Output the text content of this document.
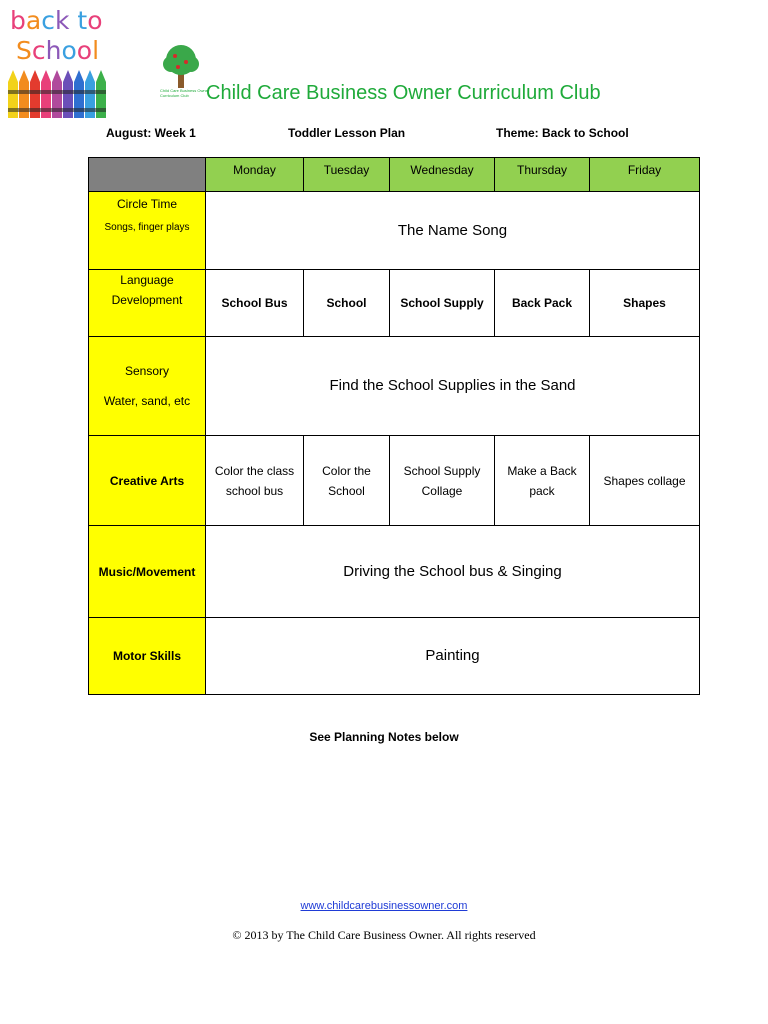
back to
School
Child Care Business Owner Curriculum Club Child Care Business Owner Curriculum Club
August: Week 1	Toddler Lesson Plan	Theme: Back to School
	Monday	Tuesday	Wednesday	Thursday	Friday
Circle Time
Songs, finger plays	The Name Song				
Language Development	School Bus	School	School Supply	Back Pack	Shapes
Sensory
Water, sand, etc	Find the School Supplies in the Sand				
Creative Arts	Color the class school bus	Color the School	School Supply Collage	Make a Back pack	Shapes collage
Music/Movement	Driving the School bus & Singing				
Motor Skills	Painting				
See Planning Notes below
www.childcarebusinessowner.com
© 2013 by The Child Care Business Owner. All rights reserved
